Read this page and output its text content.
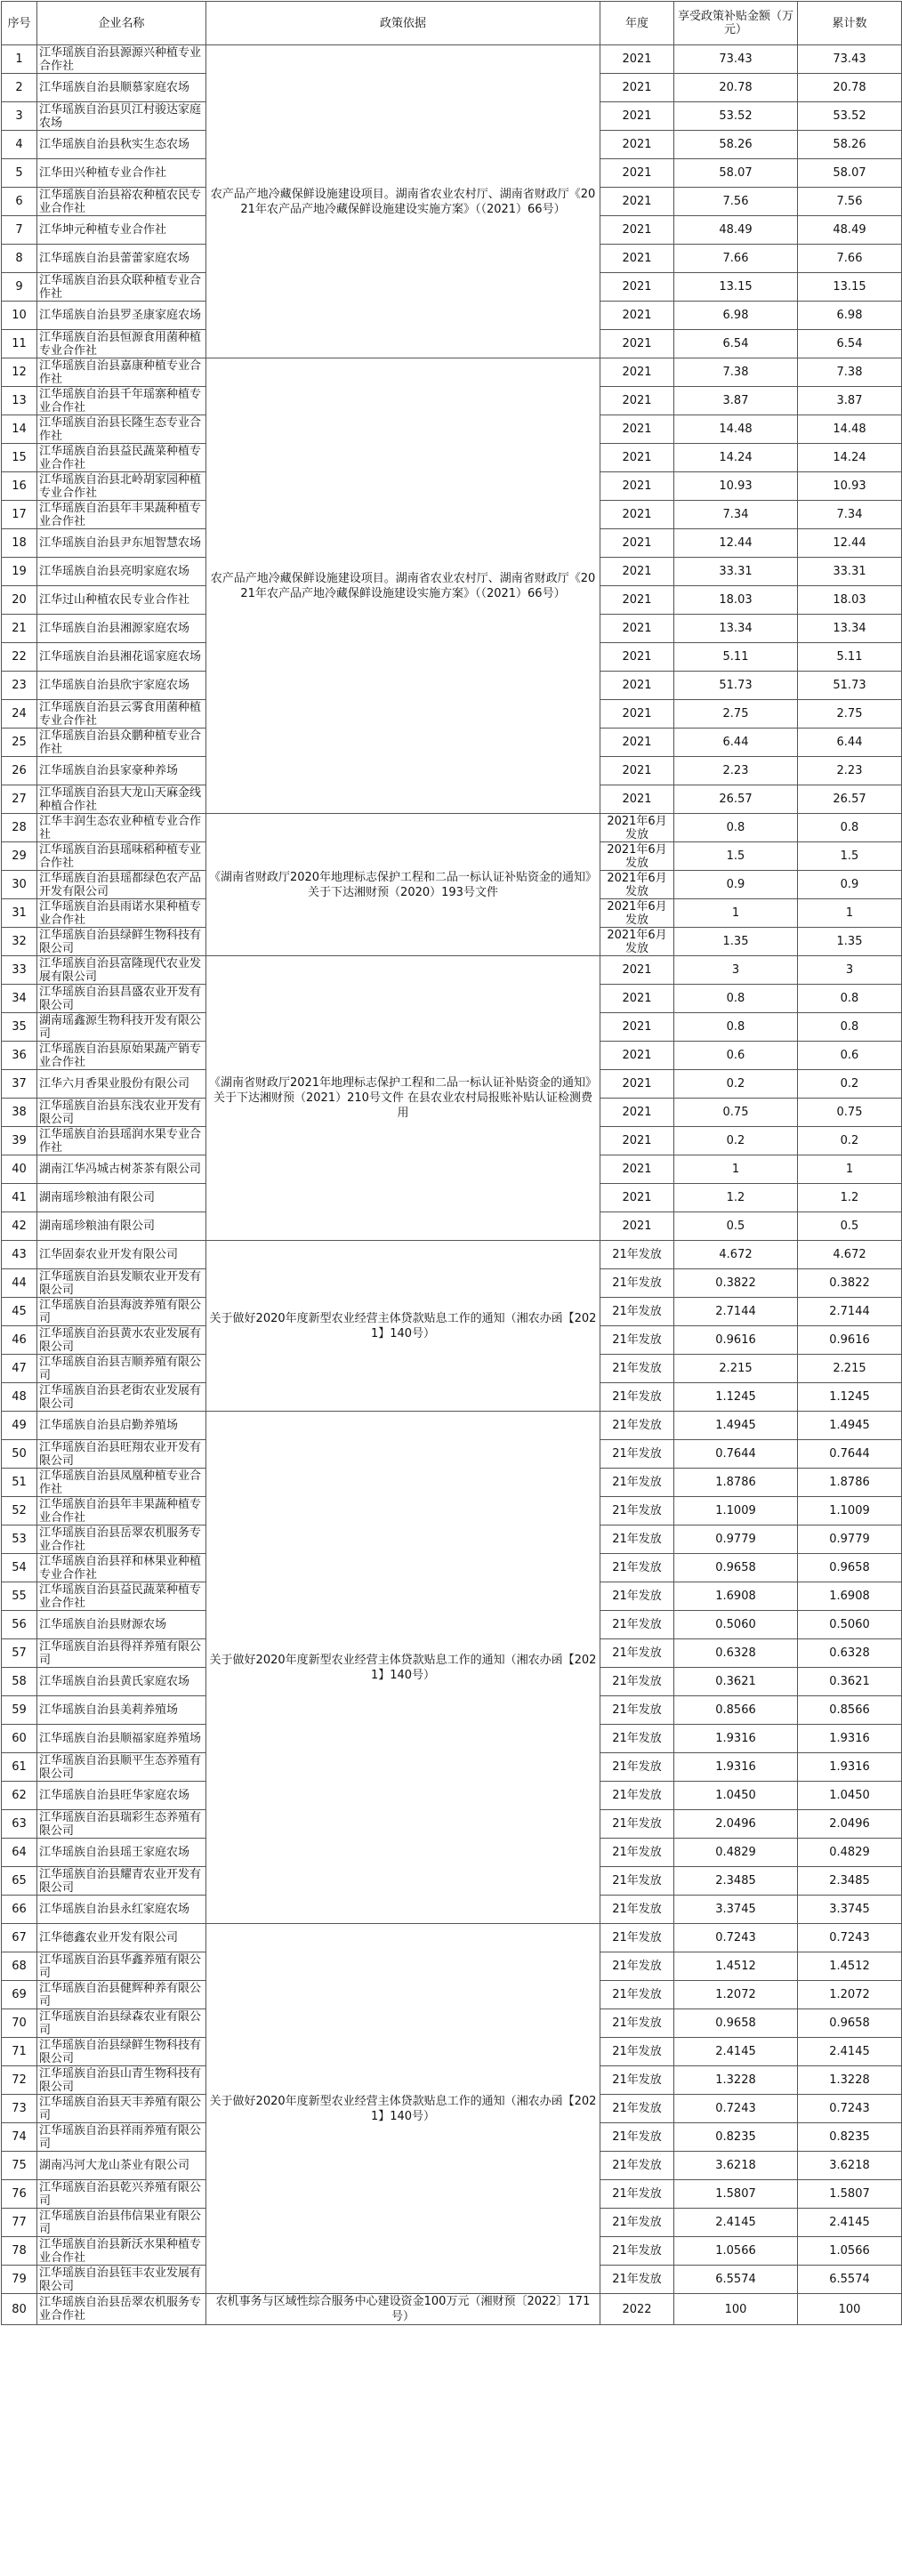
序号	企业名称	政策依据	年度	享受政策补贴金额（万元）	累计数
1	江华瑶族自治县源源兴种植专业合作社	农产品产地冷藏保鲜设施建设项目。湖南省农业农村厅、湖南省财政厅《2021年农产品产地冷藏保鲜设施建设实施方案》（（2021）66号）	2021	73.43	73.43
2	江华瑶族自治县顺慕家庭农场		2021	20.78	20.78
3	江华瑶族自治县贝江村骏达家庭农场		2021	53.52	53.52
4	江华瑶族自治县秋实生态农场		2021	58.26	58.26
5	江华田兴种植专业合作社		2021	58.07	58.07
6	江华瑶族自治县裕农种植农民专业合作社		2021	7.56	7.56
7	江华坤元种植专业合作社		2021	48.49	48.49
8	江华瑶族自治县蕾蕾家庭农场		2021	7.66	7.66
9	江华瑶族自治县众联种植专业合作社		2021	13.15	13.15
10	江华瑶族自治县罗圣康家庭农场		2021	6.98	6.98
11	江华瑶族自治县恒源食用菌种植专业合作社		2021	6.54	6.54
12	江华瑶族自治县嘉康种植专业合作社	农产品产地冷藏保鲜设施建设项目。湖南省农业农村厅、湖南省财政厅《2021年农产品产地冷藏保鲜设施建设实施方案》（（2021）66号）	2021	7.38	7.38
13	江华瑶族自治县千年瑶寨种植专业合作社		2021	3.87	3.87
14	江华瑶族自治县长隆生态专业合作社		2021	14.48	14.48
15	江华瑶族自治县益民蔬菜种植专业合作社		2021	14.24	14.24
16	江华瑶族自治县北岭胡家园种植专业合作社		2021	10.93	10.93
17	江华瑶族自治县年丰果蔬种植专业合作社		2021	7.34	7.34
18	江华瑶族自治县尹东旭智慧农场		2021	12.44	12.44
19	江华瑶族自治县亮明家庭农场		2021	33.31	33.31
20	江华过山种植农民专业合作社		2021	18.03	18.03
21	江华瑶族自治县湘源家庭农场		2021	13.34	13.34
22	江华瑶族自治县湘花谣家庭农场		2021	5.11	5.11
23	江华瑶族自治县欣宇家庭农场		2021	51.73	51.73
24	江华瑶族自治县云雾食用菌种植专业合作社		2021	2.75	2.75
25	江华瑶族自治县众鹏种植专业合作社		2021	6.44	6.44
26	江华瑶族自治县家豪种养场		2021	2.23	2.23
27	江华瑶族自治县大龙山天麻金线种植合作社		2021	26.57	26.57
28	江华丰润生态农业种植专业合作社	《湖南省财政厅2020年地理标志保护工程和二品一标认证补贴资金的通知》关于下达湘财预（2020）193号文件	2021年6月发放	0.8	0.8
29	江华瑶族自治县瑶味稻种植专业合作社		2021年6月发放	1.5	1.5
30	江华瑶族自治县瑶都绿色农产品开发有限公司		2021年6月发放	0.9	0.9
31	江华瑶族自治县雨诺水果种植专业合作社		2021年6月发放	1	1
32	江华瑶族自治县绿鲜生物科技有限公司		2021年6月发放	1.35	1.35
33	江华瑶族自治县富隆现代农业发展有限公司	《湖南省财政厅2021年地理标志保护工程和二品一标认证补贴资金的通知》关于下达湘财预（2021）210号文件 在县农业农村局报账补贴认证检测费用	2021	3	3
34	江华瑶族自治县昌盛农业开发有限公司		2021	0.8	0.8
35	湖南瑶鑫源生物科技开发有限公司		2021	0.8	0.8
36	江华瑶族自治县原始果蔬产销专业合作社		2021	0.6	0.6
37	江华六月香果业股份有限公司		2021	0.2	0.2
38	江华瑶族自治县东浅农业开发有限公司		2021	0.75	0.75
39	江华瑶族自治县瑶润水果专业合作社		2021	0.2	0.2
40	湖南江华冯城古树茶茶有限公司		2021	1	1
41	湖南瑶珍粮油有限公司		2021	1.2	1.2
42	湖南瑶珍粮油有限公司		2021	0.5	0.5
43	江华固泰农业开发有限公司	关于做好2020年度新型农业经营主体贷款贴息工作的通知（湘农办函【2021】140号）	21年发放	4.672	4.672
44	江华瑶族自治县发顺农业开发有限公司		21年发放	0.3822	0.3822
45	江华瑶族自治县海波养殖有限公司		21年发放	2.7144	2.7144
46	江华瑶族自治县黄水农业发展有限公司		21年发放	0.9616	0.9616
47	江华瑶族自治县吉顺养殖有限公司		21年发放	2.215	2.215
48	江华瑶族自治县老街农业发展有限公司		21年发放	1.1245	1.1245
49	江华瑶族自治县启勤养殖场	关于做好2020年度新型农业经营主体贷款贴息工作的通知（湘农办函【2021】140号）	21年发放	1.4945	1.4945
50	江华瑶族自治县旺翔农业开发有限公司		21年发放	0.7644	0.7644
51	江华瑶族自治县凤凰种植专业合作社		21年发放	1.8786	1.8786
52	江华瑶族自治县年丰果蔬种植专业合作社		21年发放	1.1009	1.1009
53	江华瑶族自治县岳翠农机服务专业合作社		21年发放	0.9779	0.9779
54	江华瑶族自治县祥和林果业种植专业合作社		21年发放	0.9658	0.9658
55	江华瑶族自治县益民蔬菜种植专业合作社		21年发放	1.6908	1.6908
56	江华瑶族自治县财源农场		21年发放	0.5060	0.5060
57	江华瑶族自治县得祥养殖有限公司		21年发放	0.6328	0.6328
58	江华瑶族自治县黄氏家庭农场		21年发放	0.3621	0.3621
59	江华瑶族自治县美莉养殖场		21年发放	0.8566	0.8566
60	江华瑶族自治县顺福家庭养殖场		21年发放	1.9316	1.9316
61	江华瑶族自治县顺平生态养殖有限公司		21年发放	1.9316	1.9316
62	江华瑶族自治县旺华家庭农场		21年发放	1.0450	1.0450
63	江华瑶族自治县瑞彩生态养殖有限公司		21年发放	2.0496	2.0496
64	江华瑶族自治县瑶王家庭农场		21年发放	0.4829	0.4829
65	江华瑶族自治县耀青农业开发有限公司		21年发放	2.3485	2.3485
66	江华瑶族自治县永红家庭农场		21年发放	3.3745	3.3745
67	江华德鑫农业开发有限公司	关于做好2020年度新型农业经营主体贷款贴息工作的通知（湘农办函【2021】140号）	21年发放	0.7243	0.7243
68	江华瑶族自治县华鑫养殖有限公司		21年发放	1.4512	1.4512
69	江华瑶族自治县健辉种养有限公司		21年发放	1.2072	1.2072
70	江华瑶族自治县绿森农业有限公司		21年发放	0.9658	0.9658
71	江华瑶族自治县绿鲜生物科技有限公司		21年发放	2.4145	2.4145
72	江华瑶族自治县山青生物科技有限公司		21年发放	1.3228	1.3228
73	江华瑶族自治县天丰养殖有限公司		21年发放	0.7243	0.7243
74	江华瑶族自治县祥雨养殖有限公司		21年发放	0.8235	0.8235
75	湖南冯河大龙山茶业有限公司		21年发放	3.6218	3.6218
76	江华瑶族自治县乾兴养殖有限公司		21年发放	1.5807	1.5807
77	江华瑶族自治县伟信果业有限公司		21年发放	2.4145	2.4145
78	江华瑶族自治县新沃水果种植专业合作社		21年发放	1.0566	1.0566
79	江华瑶族自治县钰丰农业发展有限公司		21年发放	6.5574	6.5574
80	江华瑶族自治县岳翠农机服务专业合作社	农机事务与区域性综合服务中心建设资金100万元（湘财预〔2022〕171号）	2022	100	100
